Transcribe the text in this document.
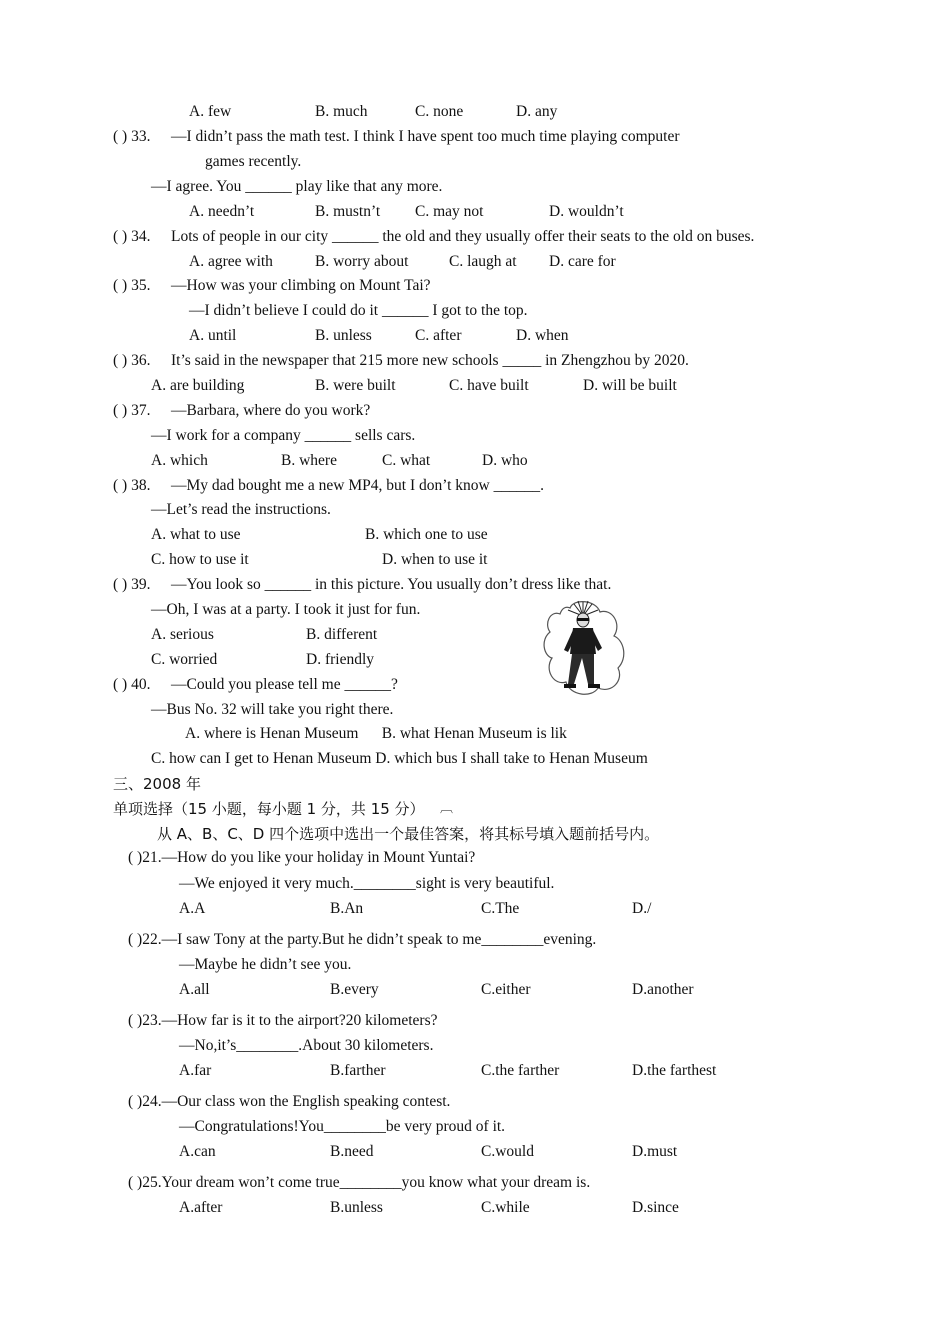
A. few	B. much	C. none	D. any
( ) 33. —I didn’t pass the math test. I think I have spent too much time playing computer
games recently.
—I agree. You ______ play like that any more.
A. needn’t	B. mustn’t C. may not	D. wouldn’t
( ) 34. Lots of people in our city ______ the old and they usually offer their seats to the old on buses.
A. agree with	B. worry about	C. laugh at D. care for
( ) 35. —How was your climbing on Mount Tai?
—I didn’t believe I could do it ______ I got to the top.
A. until	B. unless	C. after	D. when
( ) 36. It’s said in the newspaper that 215 more new schools _____ in Zhengzhou by 2020.
A. are building	B. were built	C. have built	D. will be built
( ) 37. —Barbara, where do you work?
—I work for a company ______ sells cars.
A. which	B. where	C. what	D. who
( ) 38. —My dad bought me a new MP4, but I don’t know ______.
—Let’s read the instructions.
A. what to use	B. which one to use
C. how to use it	D. when to use it
( ) 39. —You look so ______ in this picture. You usually don’t dress like that.
—Oh, I was at a party. I took it just for fun.
A. serious	B. different
C. worried	D. friendly
( ) 40. —Could you please tell me ______?
—Bus No. 32 will take you right there.
A. where is Henan Museum      B. what Henan Museum is lik
C. how can I get to Henan Museum D. which bus I shall take to Henan Museum
三、2008 年
单项选择（15 小题，每小题 1 分，共 15 分） ︹
从 A、B、C、D 四个选项中选出一个最佳答案，将其标号填入题前括号内。
( )21.—How do you like your holiday in Mount Yuntai?
—We enjoyed it very much.________sight is very beautiful.
A.A	B.An	C.The	D./
( )22.—I saw Tony at the party.But he didn’t speak to me________evening.
—Maybe he didn’t see you.
A.all	B.every	C.either	D.another
( )23.—How far is it to the airport?20 kilometers?
—No,it’s________.About 30 kilometers.
A.far	B.farther	C.the farther	D.the farthest
( )24.—Our class won the English speaking contest.
—Congratulations!You________be very proud of it.
A.can	B.need	C.would	D.must
( )25.Your dream won’t come true________you know what your dream is.
A.after	B.unless	C.while	D.since
